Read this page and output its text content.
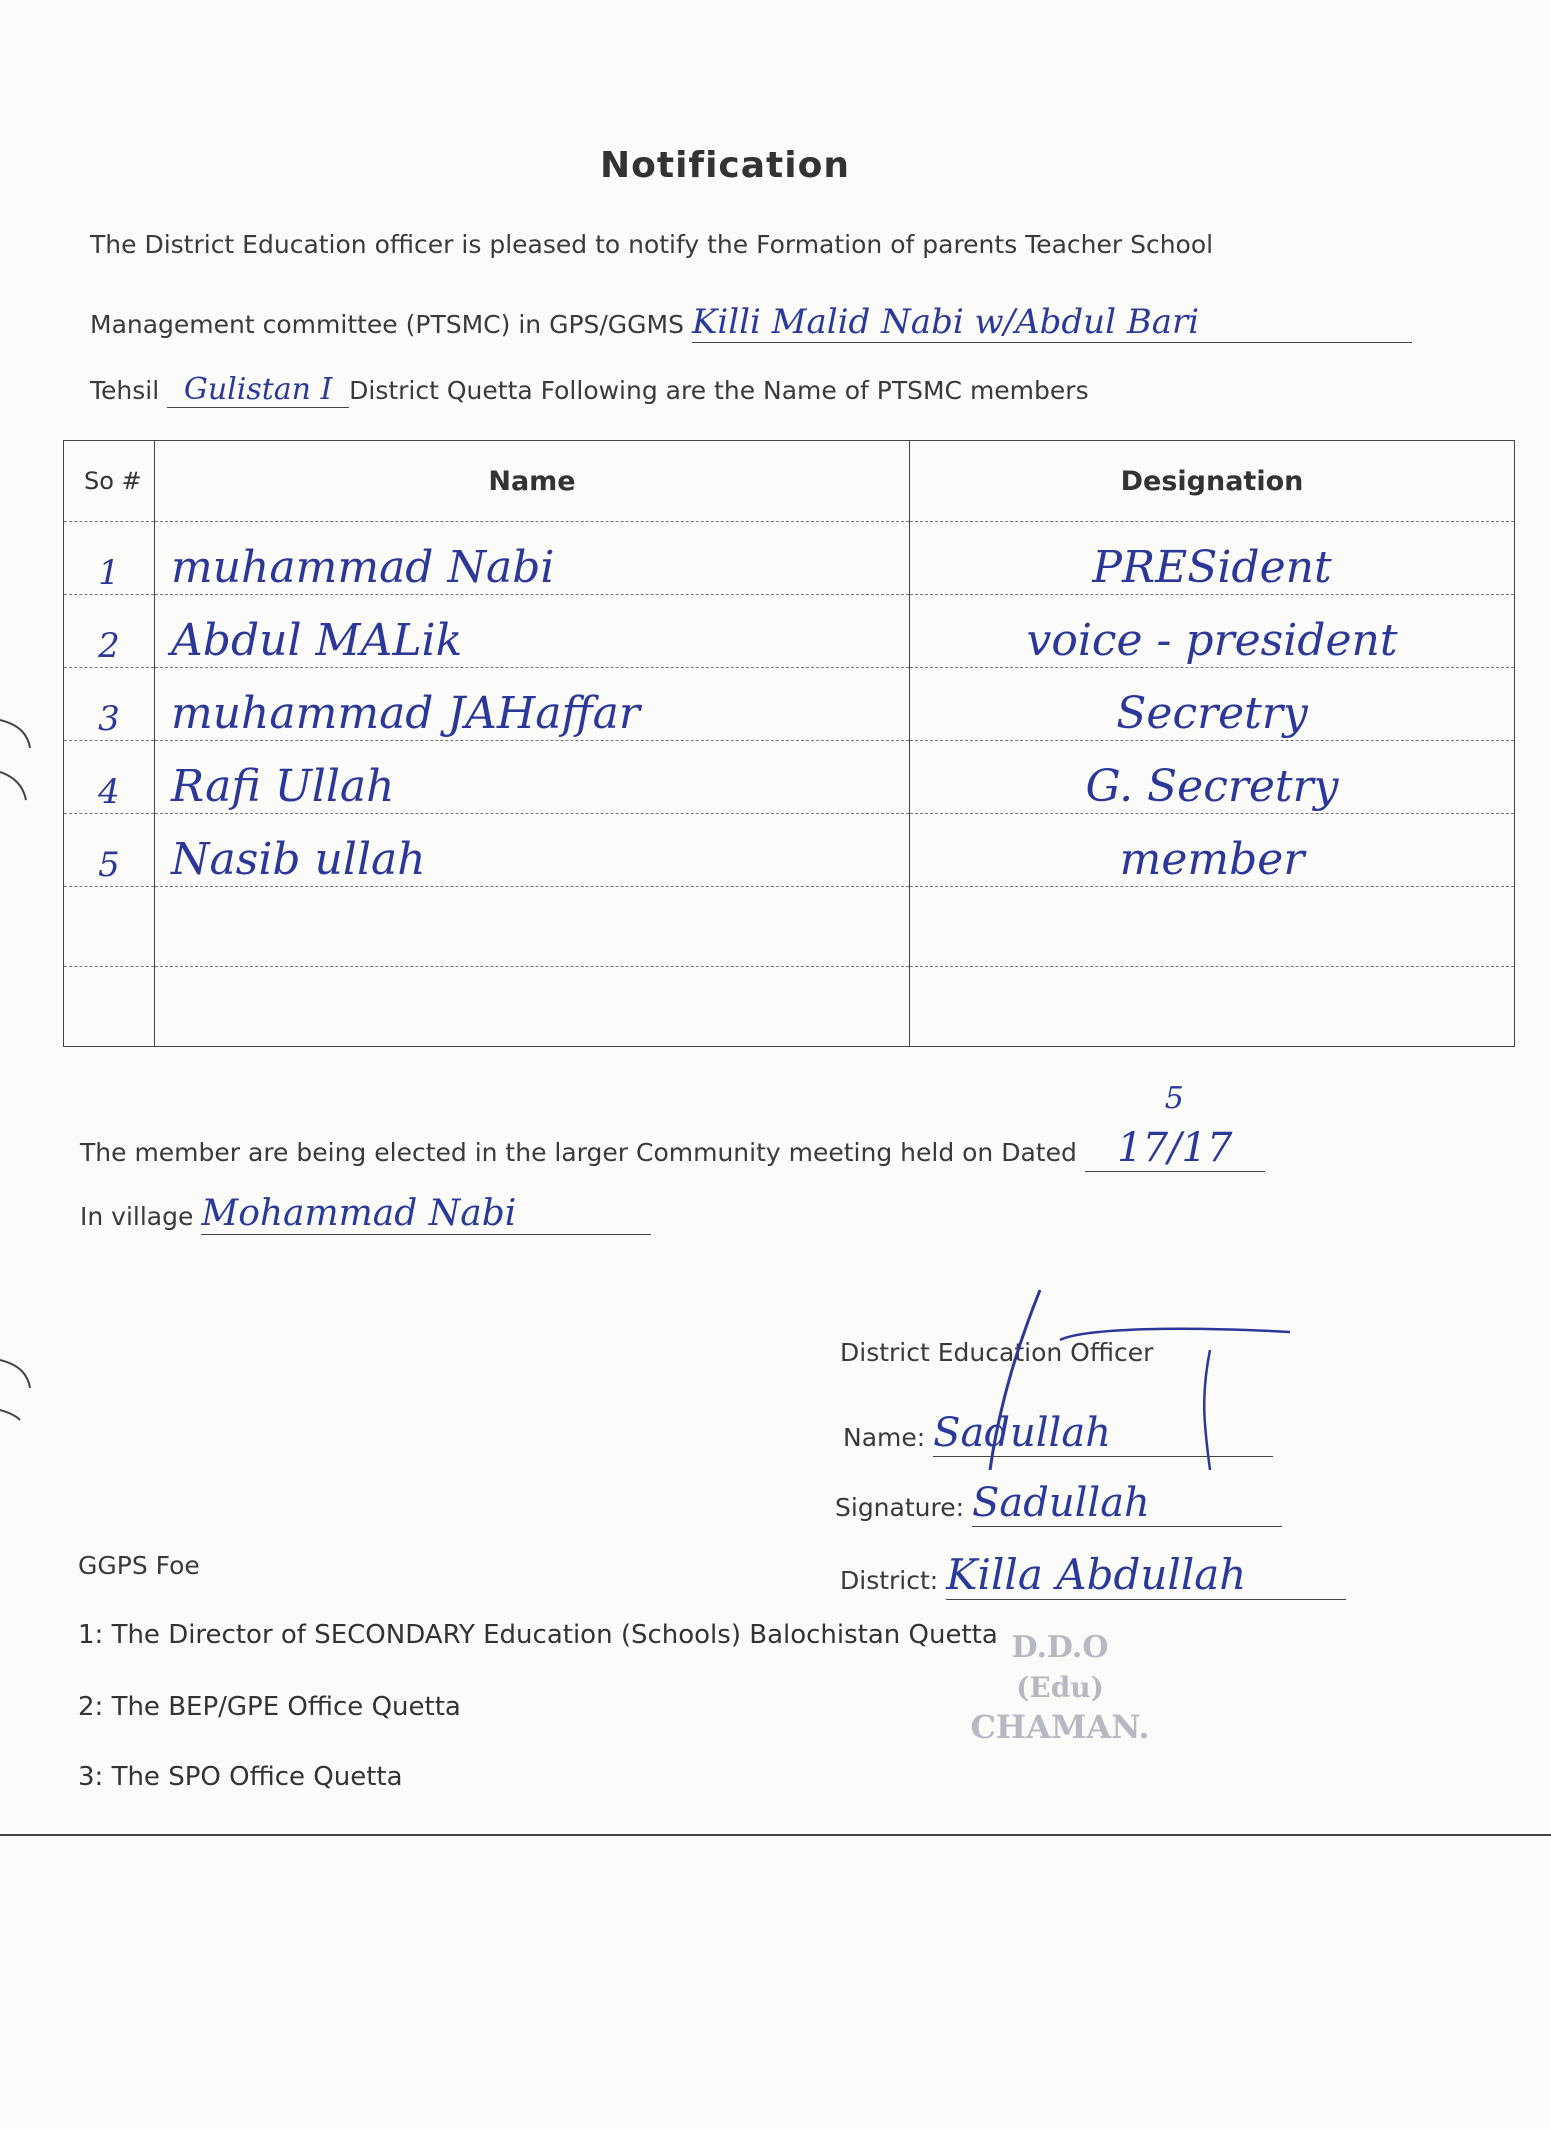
Notification
The District Education officer is pleased to notify the Formation of parents Teacher School
Management committee (PTSMC) in GPS/GGMS Killi Malid Nabi w/Abdul Bari
Tehsil Gulistan I District Quetta Following are the Name of PTSMC members
So #	Name	Designation
1	muhammad Nabi	PRESident
2	Abdul MALik	voice - president
3	muhammad JAHaffar	Secretry
4	Rafi Ullah	G. Secretry
5	Nasib ullah	member

The member are being elected in the larger Community meeting held on Dated
5
17/17
In village Mohammad Nabi
District Education Officer
Name: Sadullah
Signature: Sadullah
District: Killa Abdullah
GGPS Foe
1: The Director of SECONDARY Education (Schools) Balochistan Quetta
2: The BEP/GPE Office Quetta
3: The SPO Office Quetta
D.D.O
(Edu)
CHAMAN.
